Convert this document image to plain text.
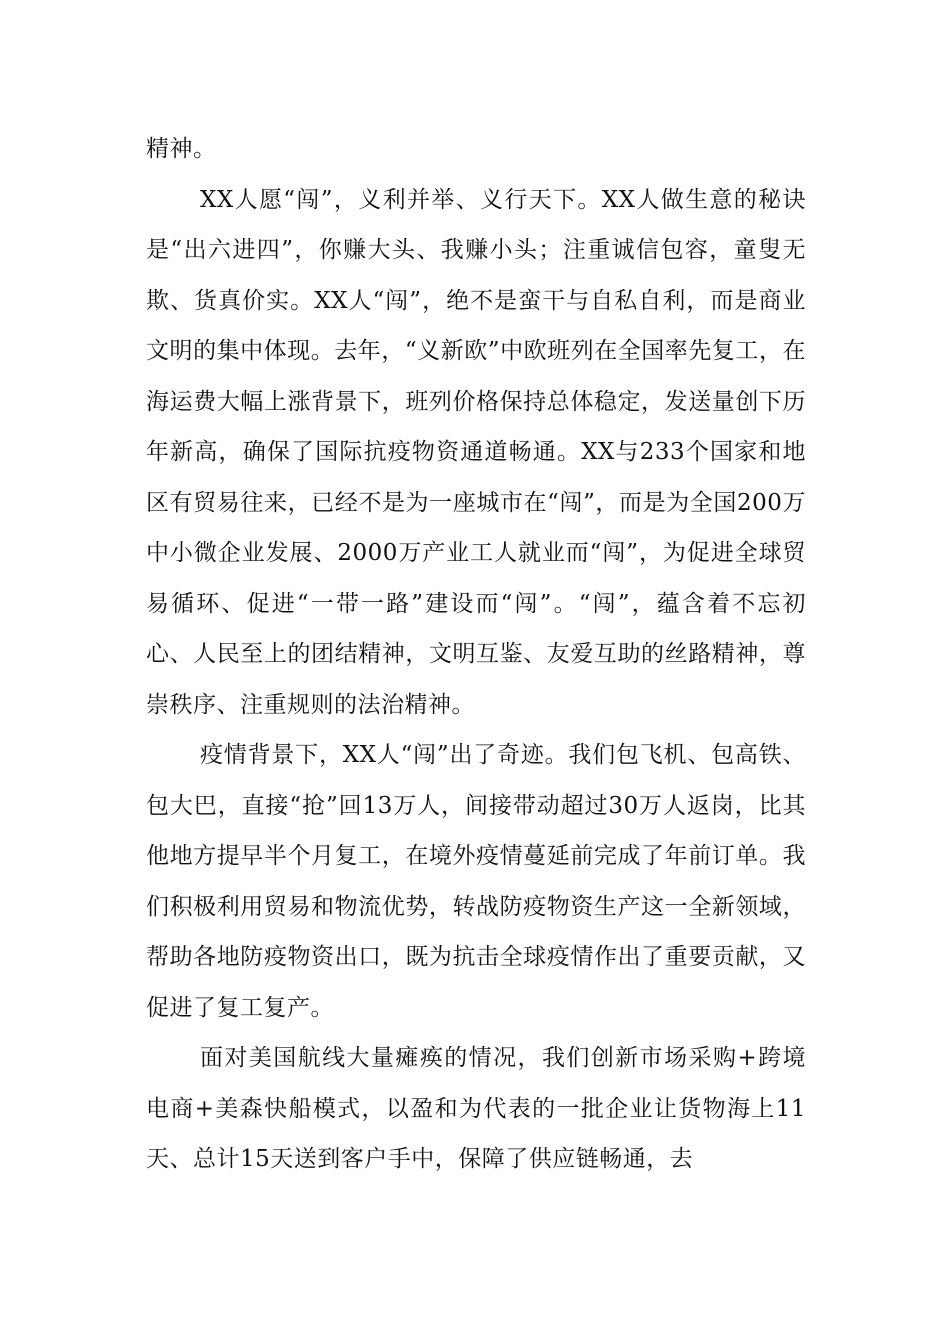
精神。

XX人愿“闯”，义利并举、义行天下。XX人做生意的秘诀是“出六进四”，你赚大头、我赚小头；注重诚信包容，童叟无欺、货真价实。XX人“闯”，绝不是蛮干与自私自利，而是商业文明的集中体现。去年，“义新欧”中欧班列在全国率先复工，在海运费大幅上涨背景下，班列价格保持总体稳定，发送量创下历年新高，确保了国际抗疫物资通道畅通。XX与233个国家和地区有贸易往来，已经不是为一座城市在“闯”，而是为全国200万中小微企业发展、2000万产业工人就业而“闯”，为促进全球贸易循环、促进“一带一路”建设而“闯”。“闯”，蕴含着不忘初心、人民至上的团结精神，文明互鉴、友爱互助的丝路精神，尊崇秩序、注重规则的法治精神。

疫情背景下，XX人“闯”出了奇迹。我们包飞机、包高铁、包大巴，直接“抢”回13万人，间接带动超过30万人返岗，比其他地方提早半个月复工，在境外疫情蔓延前完成了年前订单。我们积极利用贸易和物流优势，转战防疫物资生产这一全新领域，帮助各地防疫物资出口，既为抗击全球疫情作出了重要贡献，又促进了复工复产。

面对美国航线大量瘫痪的情况，我们创新市场采购+跨境电商+美森快船模式，以盈和为代表的一批企业让货物海上11天、总计15天送到客户手中，保障了供应链畅通，去
